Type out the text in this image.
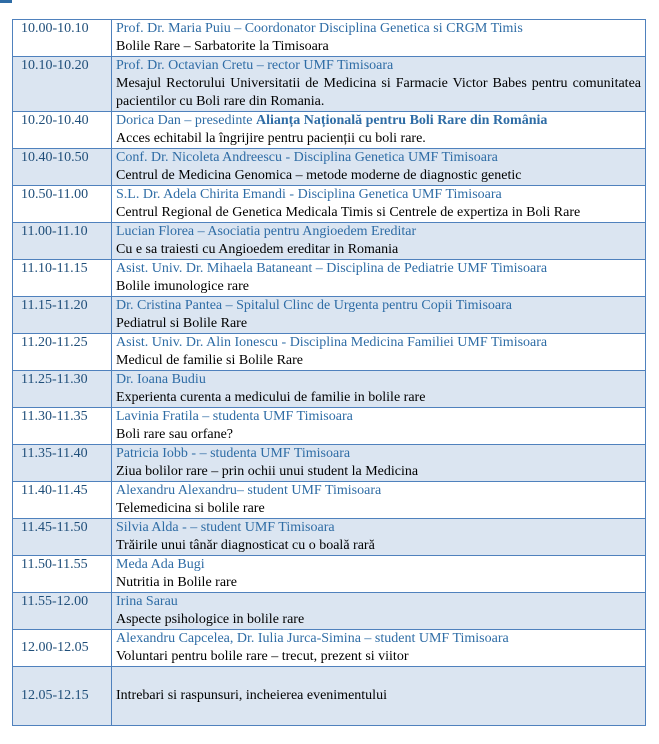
10.00-10.10	Prof. Dr. Maria Puiu – Coordonator Disciplina Genetica si CRGM Timis
Bolile Rare – Sarbatorite la Timisoara

10.10-10.20	Prof. Dr. Octavian Cretu – rector UMF Timisoara
Mesajul Rectorului Universitatii de Medicina si Farmacie Victor Babes pentru comunitatea pacientilor cu Boli rare din Romania.

10.20-10.40	Dorica Dan – presedinte Alianța Națională pentru Boli Rare din România
Acces echitabil la îngrijire pentru pacienții cu boli rare.

10.40-10.50	Conf. Dr. Nicoleta Andreescu - Disciplina Genetica UMF Timisoara
Centrul de Medicina Genomica – metode moderne de diagnostic genetic

10.50-11.00	S.L. Dr. Adela Chirita Emandi - Disciplina Genetica UMF Timisoara
Centrul Regional de Genetica Medicala Timis si Centrele de expertiza in Boli Rare

11.00-11.10	Lucian Florea – Asociatia pentru Angioedem Ereditar
Cu e sa traiesti cu Angioedem ereditar in Romania

11.10-11.15	Asist. Univ. Dr. Mihaela Bataneant – Disciplina de Pediatrie UMF Timisoara
Bolile imunologice rare

11.15-11.20	Dr. Cristina Pantea – Spitalul Clinc de Urgenta pentru Copii Timisoara
Pediatrul si Bolile Rare

11.20-11.25	Asist. Univ. Dr. Alin Ionescu - Disciplina Medicina Familiei UMF Timisoara
Medicul de familie si Bolile Rare

11.25-11.30	Dr. Ioana Budiu
Experienta curenta a medicului de familie in bolile rare

11.30-11.35	Lavinia Fratila – studenta UMF Timisoara
Boli rare sau orfane?

11.35-11.40	Patricia Iobb - – studenta UMF Timisoara
Ziua bolilor rare – prin ochii unui student la Medicina

11.40-11.45	Alexandru Alexandru– student UMF Timisoara
Telemedicina si bolile rare

11.45-11.50	Silvia Alda - – student UMF Timisoara
Trăirile unui tânăr diagnosticat cu o boală rară

11.50-11.55	Meda Ada Bugi
Nutritia in Bolile rare

11.55-12.00	Irina Sarau
Aspecte psihologice in bolile rare

12.00-12.05	Alexandru Capcelea, Dr. Iulia Jurca-Simina – student UMF Timisoara
Voluntari pentru bolile rare – trecut, prezent si viitor

12.05-12.15	Intrebari si raspunsuri, incheierea evenimentului
